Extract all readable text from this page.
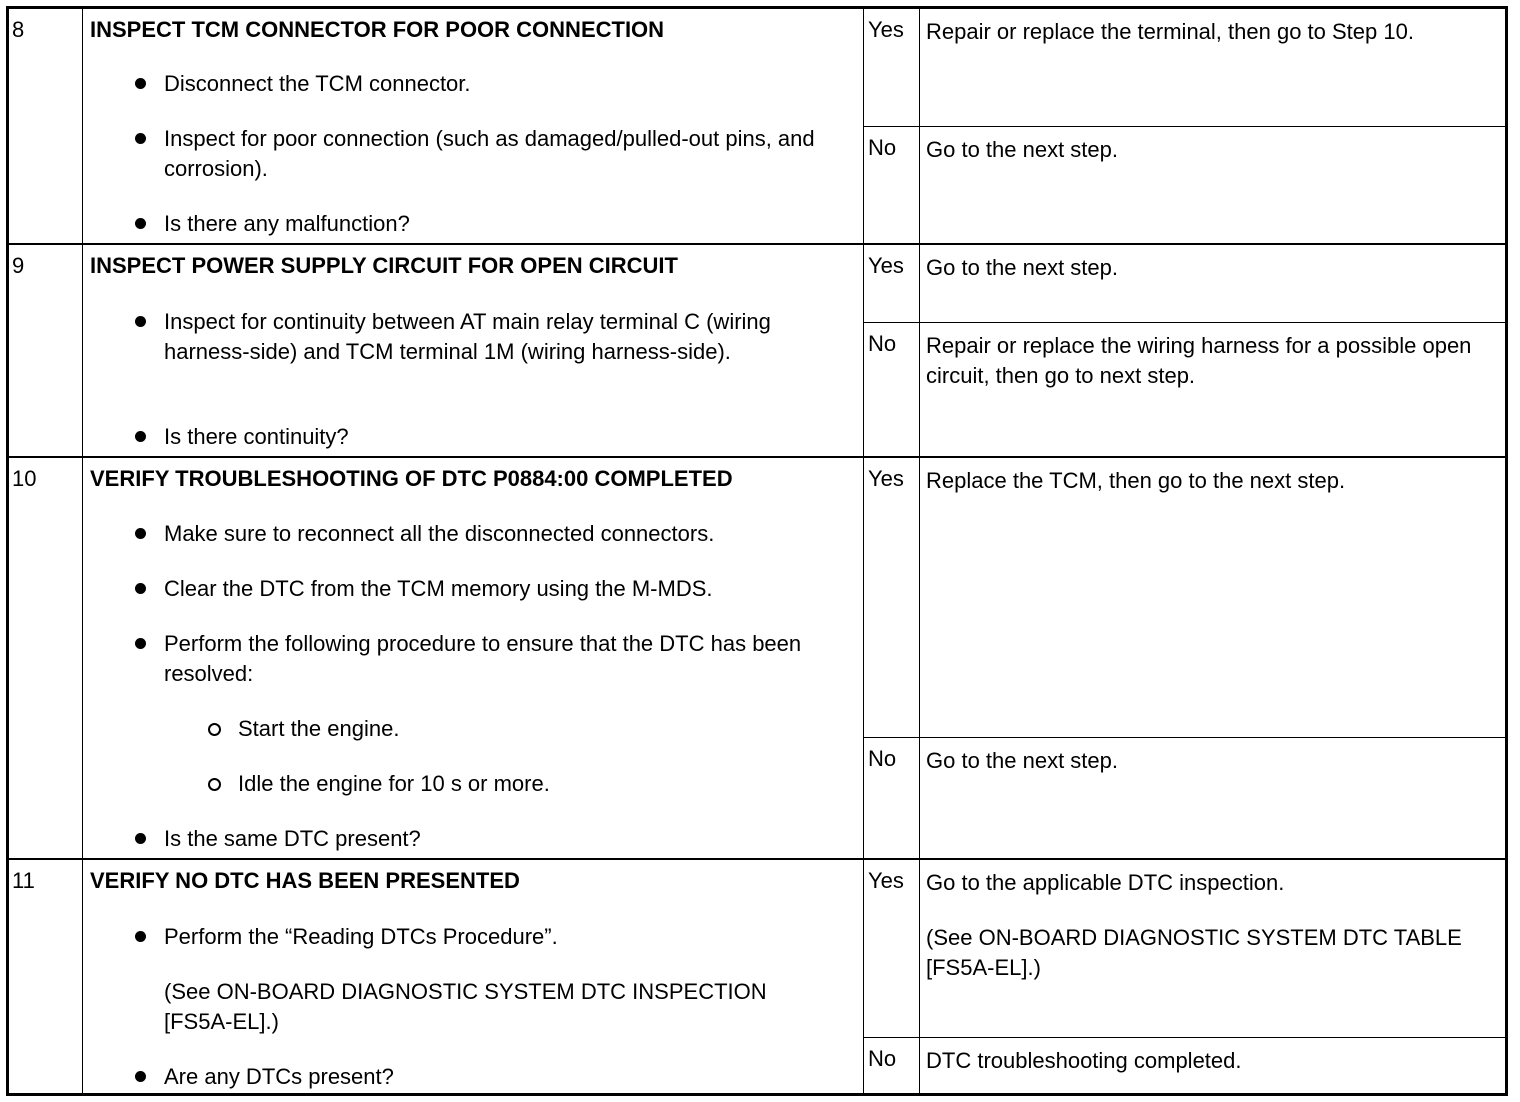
8	INSPECT TCM CONNECTOR FOR POOR CONNECTION
Disconnect the TCM connector.
Inspect for poor connection (such as damaged/pulled-out pins, and corrosion).
Is there any malfunction?
Yes Repair or replace the terminal, then go to Step 10.
No Go to the next step.
9	INSPECT POWER SUPPLY CIRCUIT FOR OPEN CIRCUIT
Inspect for continuity between AT main relay terminal C (wiring harness-side) and TCM terminal 1M (wiring harness-side).
Is there continuity?
Yes Go to the next step.
No Repair or replace the wiring harness for a possible open circuit, then go to next step.
10 VERIFY TROUBLESHOOTING OF DTC P0884:00 COMPLETED
Make sure to reconnect all the disconnected connectors.
Clear the DTC from the TCM memory using the M-MDS.
Perform the following procedure to ensure that the DTC has been resolved:
Start the engine.
Idle the engine for 10 s or more.
Is the same DTC present?
Yes Replace the TCM, then go to the next step.
No Go to the next step.
11	VERIFY NO DTC HAS BEEN PRESENTED
Perform the “Reading DTCs Procedure”.
(See ON-BOARD DIAGNOSTIC SYSTEM DTC INSPECTION [FS5A-EL].)
Are any DTCs present?
Yes Go to the applicable DTC inspection.
(See ON-BOARD DIAGNOSTIC SYSTEM DTC TABLE [FS5A-EL].)
No DTC troubleshooting completed.
